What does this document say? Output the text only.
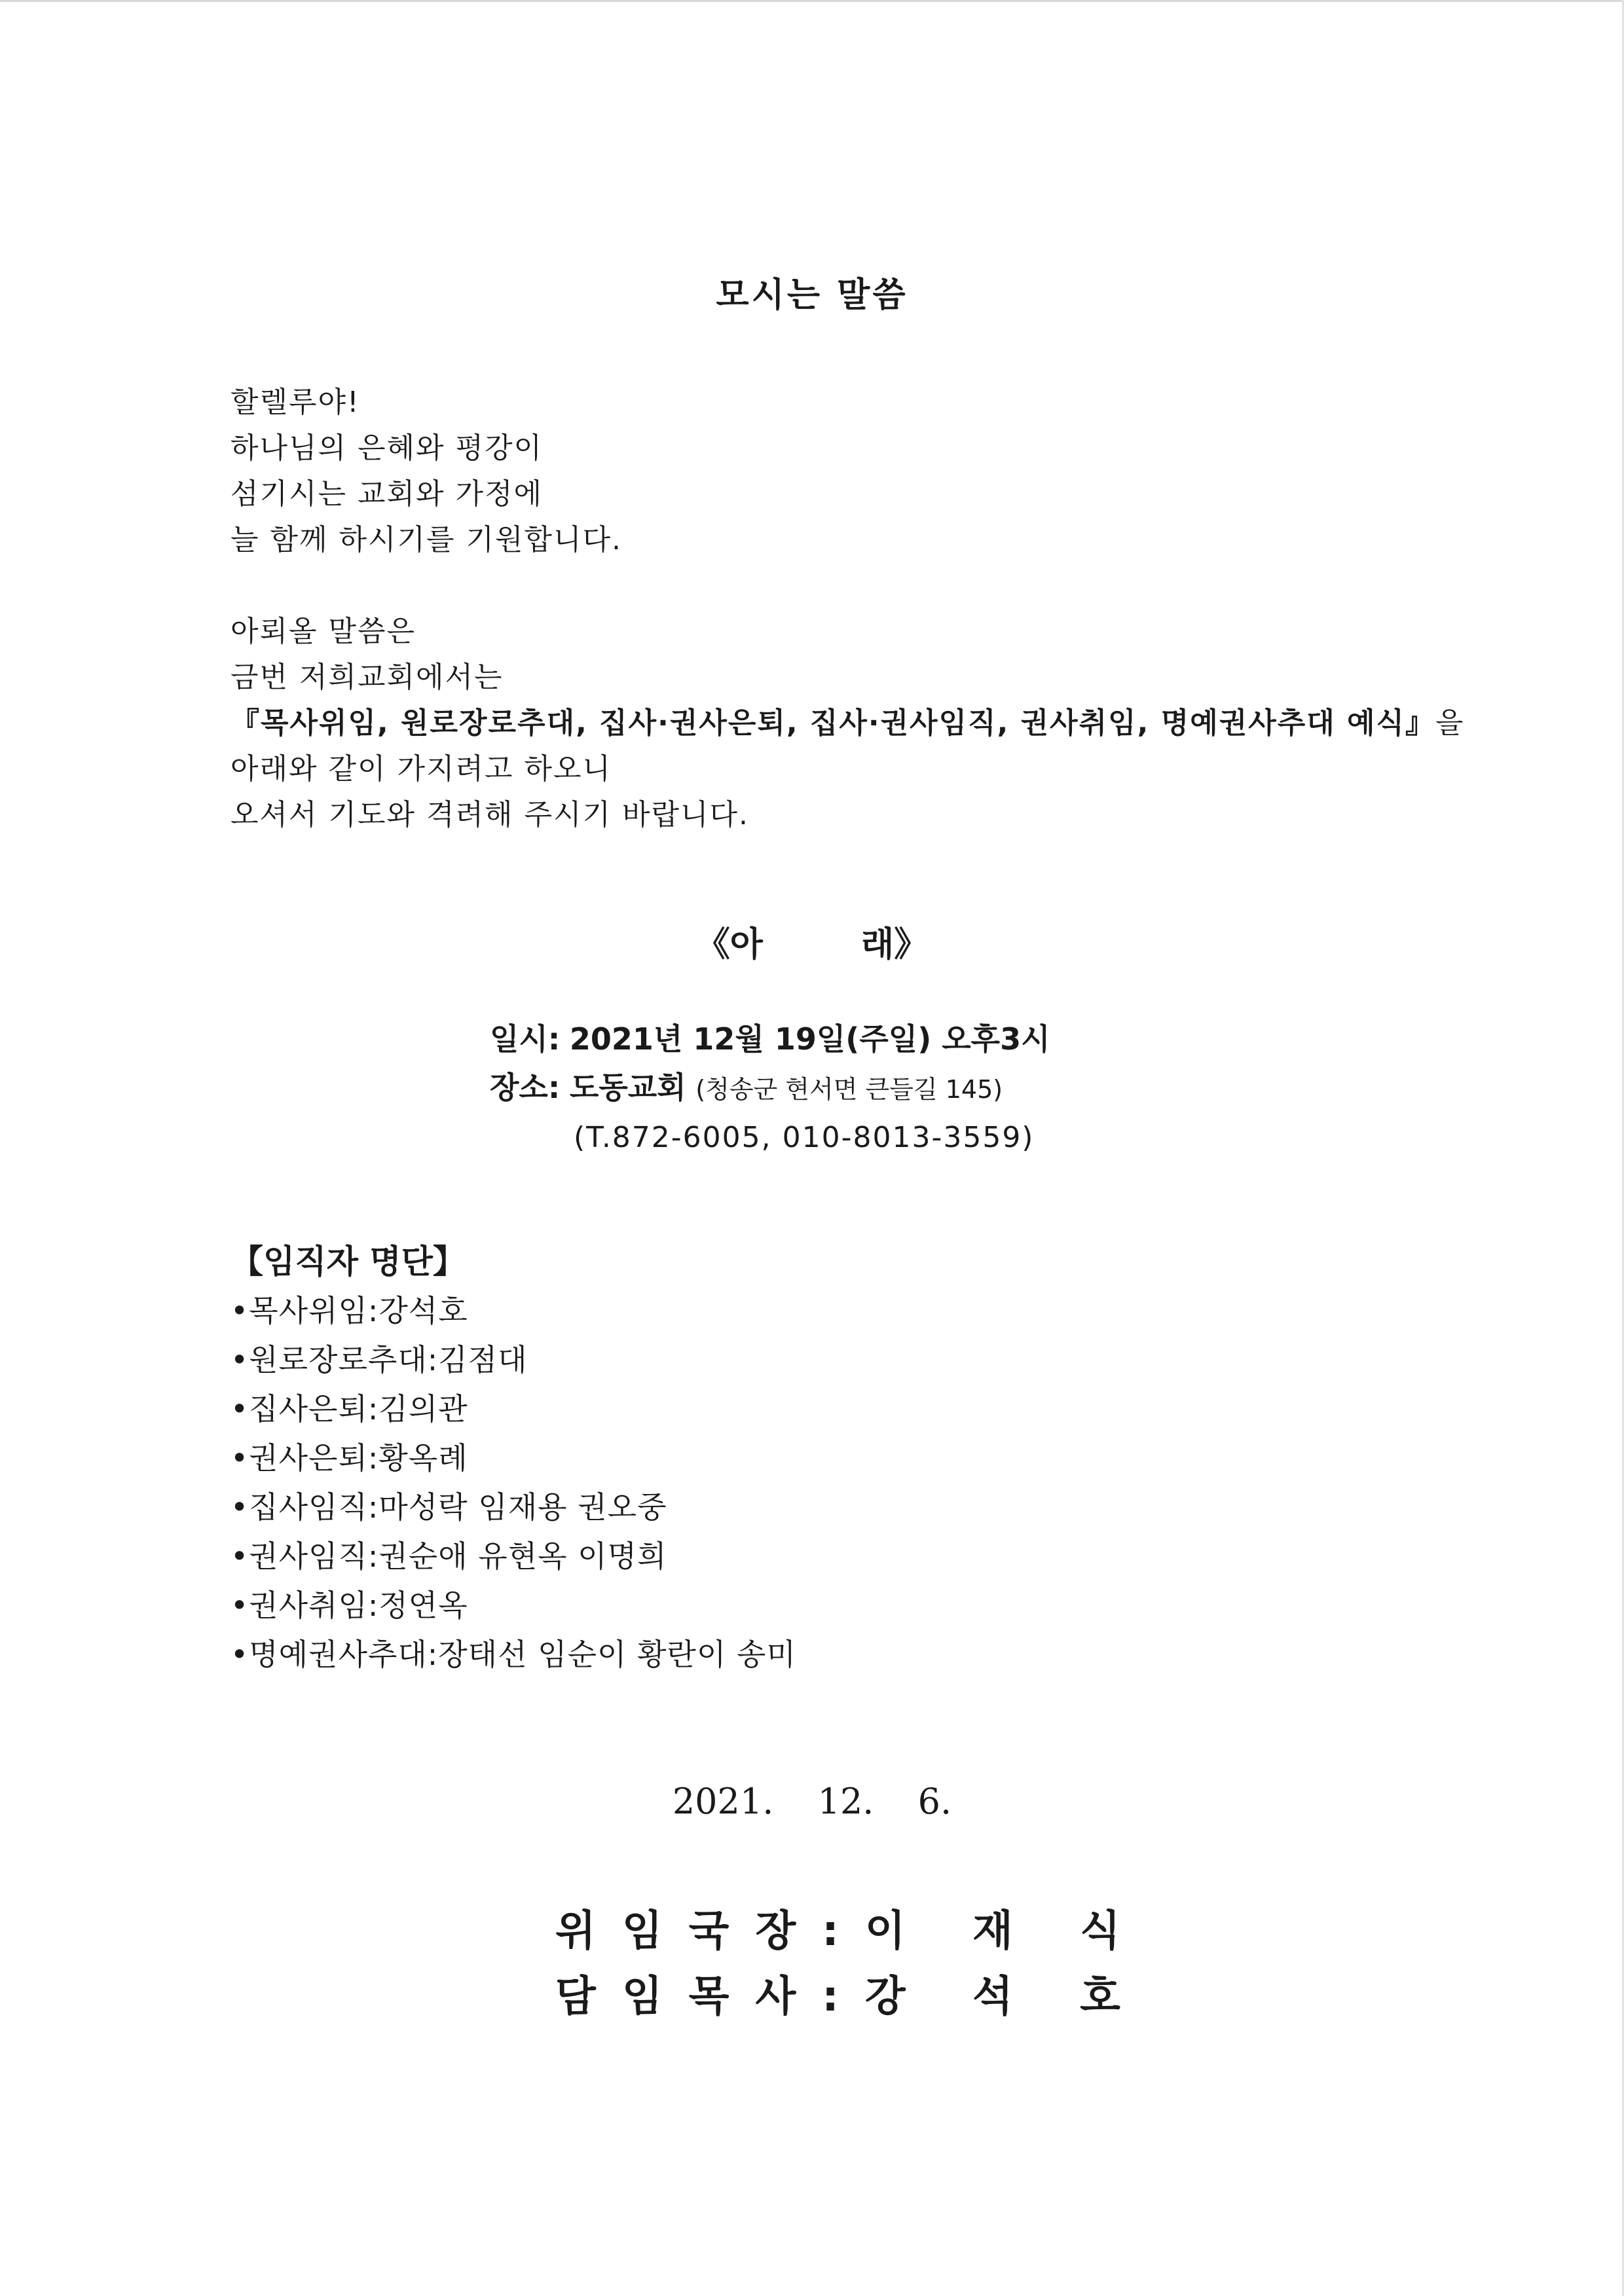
모시는 말씀
할렐루야!
하나님의 은혜와 평강이
섬기시는 교회와 가정에
늘 함께 하시기를 기원합니다.
아뢰올 말씀은
금번 저희교회에서는
『목사위임, 원로장로추대, 집사·권사은퇴, 집사·권사임직, 권사취임, 명예권사추대 예식』을
아래와 같이 가지려고 하오니
오셔서 기도와 격려해 주시기 바랍니다.
《아	래》
일시: 2021년 12월 19일(주일) 오후3시
장소: 도동교회 (청송군 현서면 큰들길 145)
(T.872-6005, 010-8013-3559)
【임직자 명단】
•목사위임:강석호
•원로장로추대:김점대
•집사은퇴:김의관
•권사은퇴:황옥례
•집사임직:마성락 임재용 권오중
•권사임직:권순애 유현옥 이명희
•권사취임:정연옥
•명예권사추대:장태선 임순이 황란이 송미
2021. 12. 6.
위임국장:이 재 식
담임목사:강 석 호
